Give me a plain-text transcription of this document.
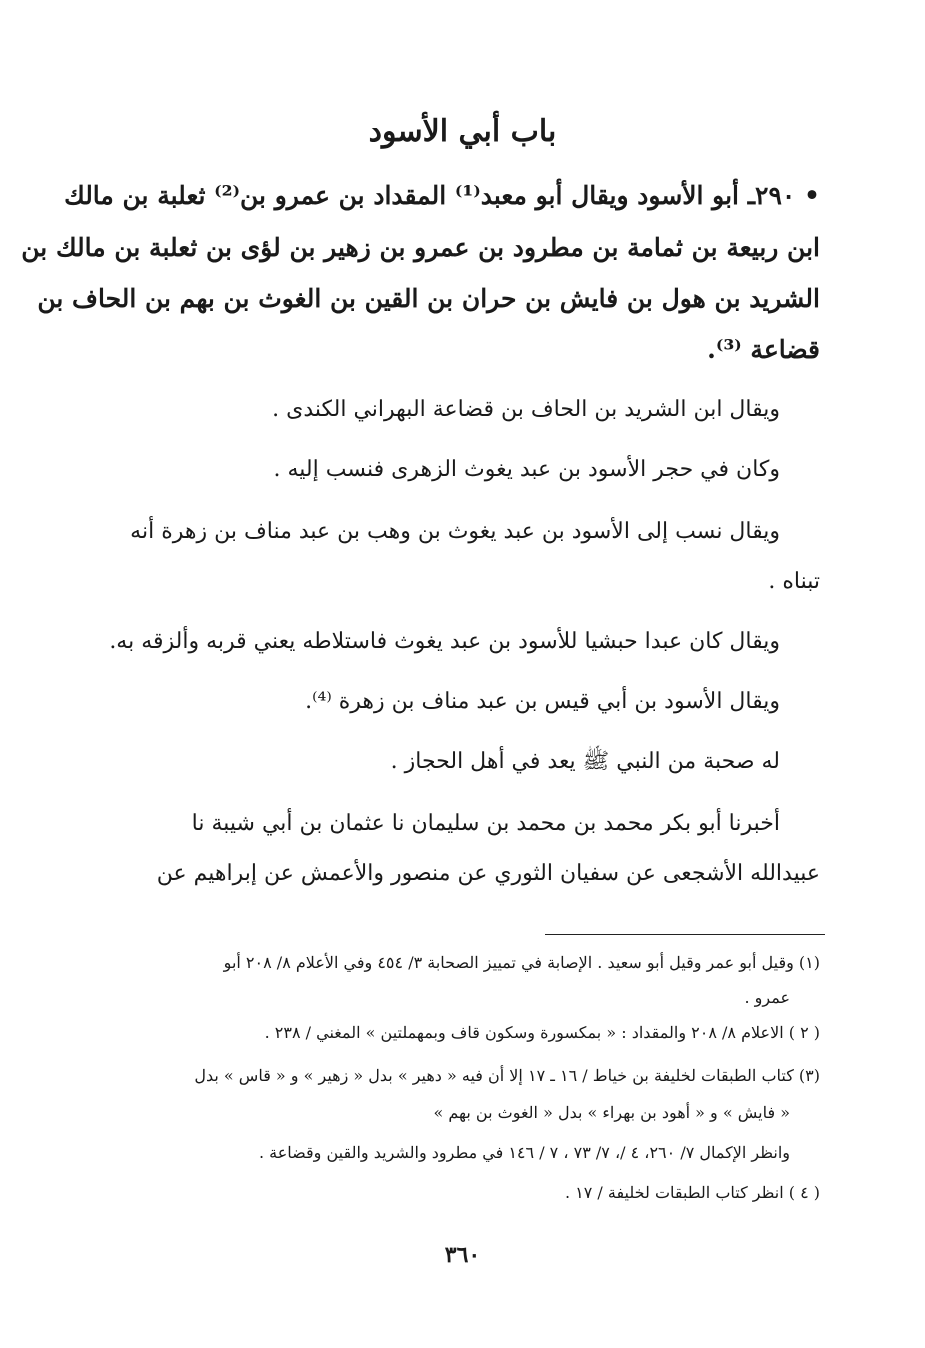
باب أبي الأسود
• ٢٩٠ـ أبو الأسود ويقال أبو معبد⁽¹⁾ المقداد بن عمرو بن⁽²⁾ ثعلبة بن مالك
ابن ربيعة بن ثمامة بن مطرود بن عمرو بن زهير بن لؤى بن ثعلبة بن مالك بن
الشريد بن هول بن فايش بن حران بن القين بن الغوث بن بهم بن الحاف بن
قضاعة ⁽³⁾.
ويقال ابن الشريد بن الحاف بن قضاعة البهراني الكندى .
وكان في حجر الأسود بن عبد يغوث الزهرى فنسب إليه .
ويقال نسب إلى الأسود بن عبد يغوث بن وهب بن عبد مناف بن زهرة أنه
تبناه .
ويقال كان عبدا حبشيا للأسود بن عبد يغوث فاستلاطه يعني قربه وألزقه به.
ويقال الأسود بن أبي قيس بن عبد مناف بن زهرة ⁽⁴⁾.
له صحبة من النبي ﷺ يعد في أهل الحجاز .
أخبرنا أبو بكر محمد بن محمد بن سليمان نا عثمان بن أبي شيبة نا
عبيدالله الأشجعى عن سفيان الثوري عن منصور والأعمش عن إبراهيم عن
(١) وقيل أبو عمر وقيل أبو سعيد . الإصابة في تمييز الصحابة ٣/ ٤٥٤ وفي الأعلام ٨/ ٢٠٨ أبو
عمرو .
( ٢ ) الاعلام ٨/ ٢٠٨ والمقداد : « بمكسورة وسكون قاف وبمهملتين » المغني / ٢٣٨ .
(٣) كتاب الطبقات لخليفة بن خياط / ١٦ ـ ١٧ إلا أن فيه « دهير » بدل « زهير » و « قاس » بدل
« فايش » و « أهود بن بهراء » بدل « الغوث بن بهم »
وانظر الإكمال ٧/ ٢٦٠، ٤ /، ٧/ ٧٣ ، ٧ / ١٤٦ في مطرود والشريد والقين وقضاعة .
( ٤ ) انظر كتاب الطبقات لخليفة / ١٧ .
٣٦٠
